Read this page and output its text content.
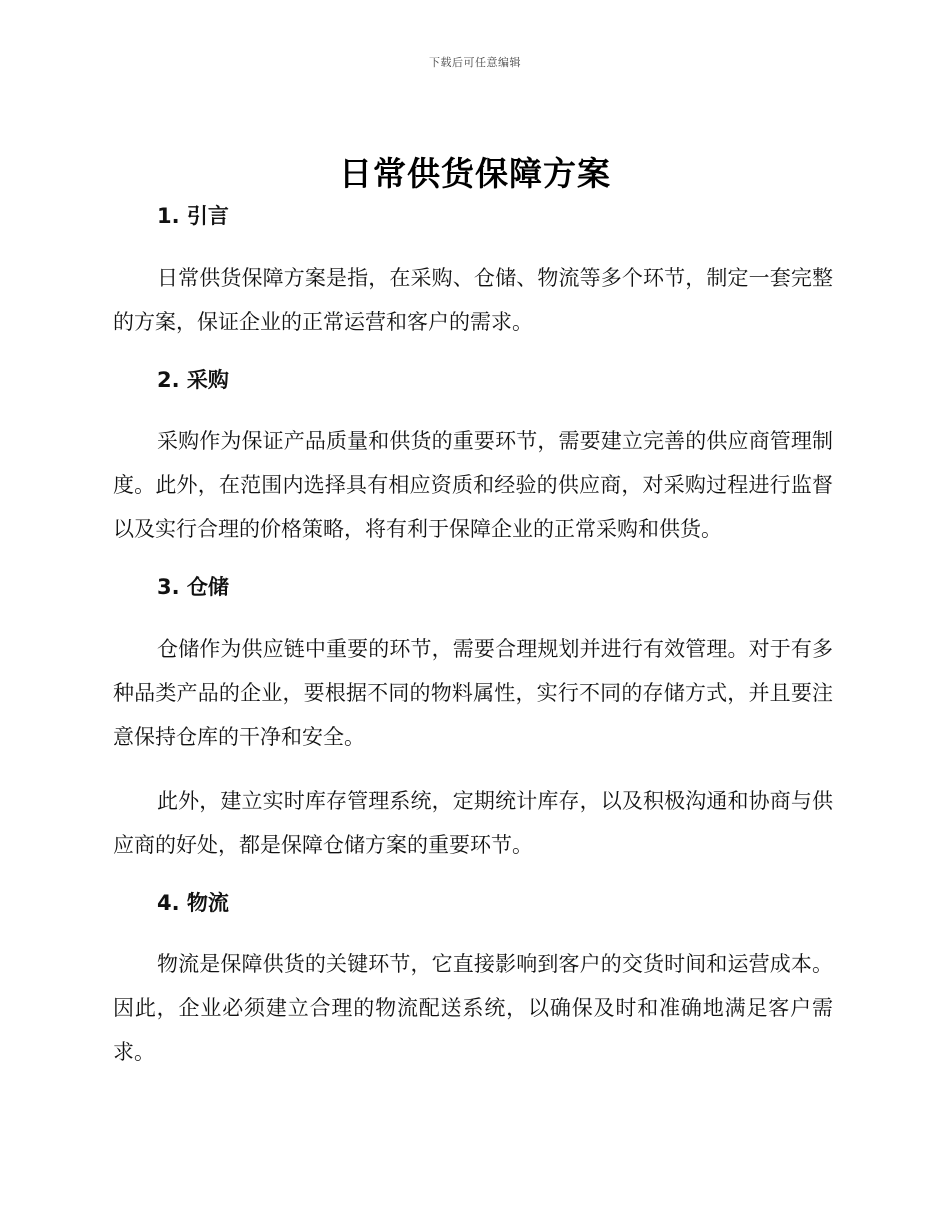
下载后可任意编辑
日常供货保障方案
1. 引言

日常供货保障方案是指，在采购、仓储、物流等多个环节，制定一套完整的方案，保证企业的正常运营和客户的需求。

2. 采购

采购作为保证产品质量和供货的重要环节，需要建立完善的供应商管理制度。此外，在范围内选择具有相应资质和经验的供应商，对采购过程进行监督以及实行合理的价格策略，将有利于保障企业的正常采购和供货。

3. 仓储

仓储作为供应链中重要的环节，需要合理规划并进行有效管理。对于有多种品类产品的企业，要根据不同的物料属性，实行不同的存储方式，并且要注意保持仓库的干净和安全。

此外，建立实时库存管理系统，定期统计库存，以及积极沟通和协商与供应商的好处，都是保障仓储方案的重要环节。

4. 物流

物流是保障供货的关键环节，它直接影响到客户的交货时间和运营成本。因此，企业必须建立合理的物流配送系统，以确保及时和准确地满足客户需求。
